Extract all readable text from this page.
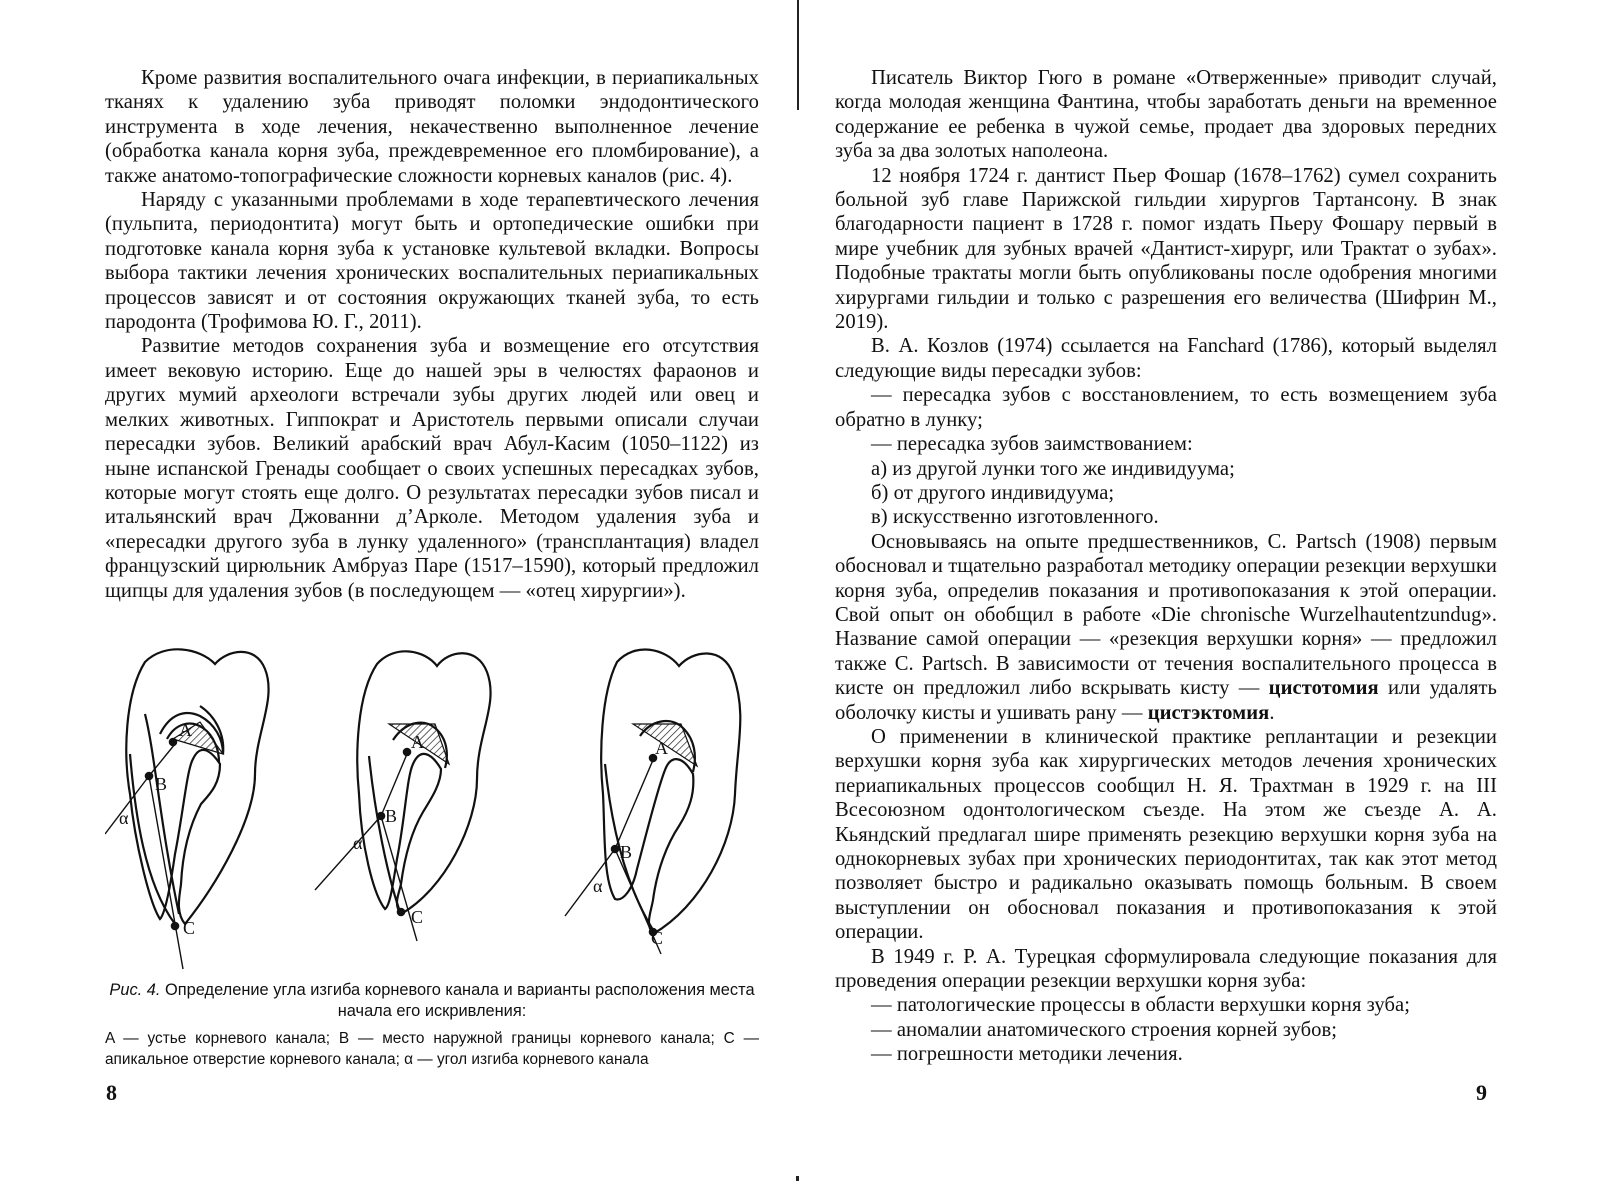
Кроме развития воспалительного очага инфекции, в периапикальных тканях к удалению зуба приводят поломки эндодонтического инструмента в ходе лечения, некачественно выполненное лечение (обработка канала корня зуба, преждевременное его пломбирование), а также анатомо-топографические сложности корневых каналов (рис. 4).

Наряду с указанными проблемами в ходе терапевтического лечения (пульпита, периодонтита) могут быть и ортопедические ошибки при подготовке канала корня зуба к установке культевой вкладки. Вопросы выбора тактики лечения хронических воспалительных периапикальных процессов зависят и от состояния окружающих тканей зуба, то есть пародонта (Трофимова Ю. Г., 2011).

Развитие методов сохранения зуба и возмещение его отсутствия имеет вековую историю. Еще до нашей эры в челюстях фараонов и других мумий археологи встречали зубы других людей или овец и мелких животных. Гиппократ и Аристотель первыми описали случаи пересадки зубов. Великий арабский врач Абул-Касим (1050–1122) из ныне испанской Гренады сообщает о своих успешных пересадках зубов, которые могут стоять еще долго. О результатах пересадки зубов писал и итальянский врач Джованни д’Арколе. Методом удаления зуба и «пересадки другого зуба в лунку удаленного» (трансплантация) владел французский цирюльник Амбруаз Паре (1517–1590), который предложил щипцы для удаления зубов (в последующем — «отец хирургии»).

A
B
C
α
A
B
C
α
A
B
C
α

Рис. 4. Определение угла изгиба корневого канала и варианты расположения места начала его искривления:

A — устье корневого канала; B — место наружной границы корневого канала; C — апикальное отверстие корневого канала; α — угол изгиба корневого канала

8

Писатель Виктор Гюго в романе «Отверженные» приводит случай, когда молодая женщина Фантина, чтобы заработать деньги на временное содержание ее ребенка в чужой семье, продает два здоровых передних зуба за два золотых наполеона.

12 ноября 1724 г. дантист Пьер Фошар (1678–1762) сумел сохранить больной зуб главе Парижской гильдии хирургов Тартансону. В знак благодарности пациент в 1728 г. помог издать Пьеру Фошару первый в мире учебник для зубных врачей «Дантист-хирург, или Трактат о зубах». Подобные трактаты могли быть опубликованы после одобрения многими хирургами гильдии и только с разрешения его величества (Шифрин М., 2019).

В. А. Козлов (1974) ссылается на Fanchard (1786), который выделял следующие виды пересадки зубов:

— пересадка зубов с восстановлением, то есть возмещением зуба обратно в лунку;

— пересадка зубов заимствованием:

а) из другой лунки того же индивидуума;

б) от другого индивидуума;

в) искусственно изготовленного.

Основываясь на опыте предшественников, C. Partsch (1908) первым обосновал и тщательно разработал методику операции резекции верхушки корня зуба, определив показания и противопоказания к этой операции. Свой опыт он обобщил в работе «Die chronische Wurzelhautentzundug». Название самой операции — «резекция верхушки корня» — предложил также C. Partsch. В зависимости от течения воспалительного процесса в кисте он предложил либо вскрывать кисту — цистотомия или удалять оболочку кисты и ушивать рану — цистэктомия.

О применении в клинической практике реплантации и резекции верхушки корня зуба как хирургических методов лечения хронических периапикальных процессов сообщил Н. Я. Трахтман в 1929 г. на III Всесоюзном одонтологическом съезде. На этом же съезде А. А. Кьяндский предлагал шире применять резекцию верхушки корня зуба на однокорневых зубах при хронических периодонтитах, так как этот метод позволяет быстро и радикально оказывать помощь больным. В своем выступлении он обосновал показания и противопоказания к этой операции.

В 1949 г. Р. А. Турецкая сформулировала следующие показания для проведения операции резекции верхушки корня зуба:

— патологические процессы в области верхушки корня зуба;

— аномалии анатомического строения корней зубов;

— погрешности методики лечения.

9
